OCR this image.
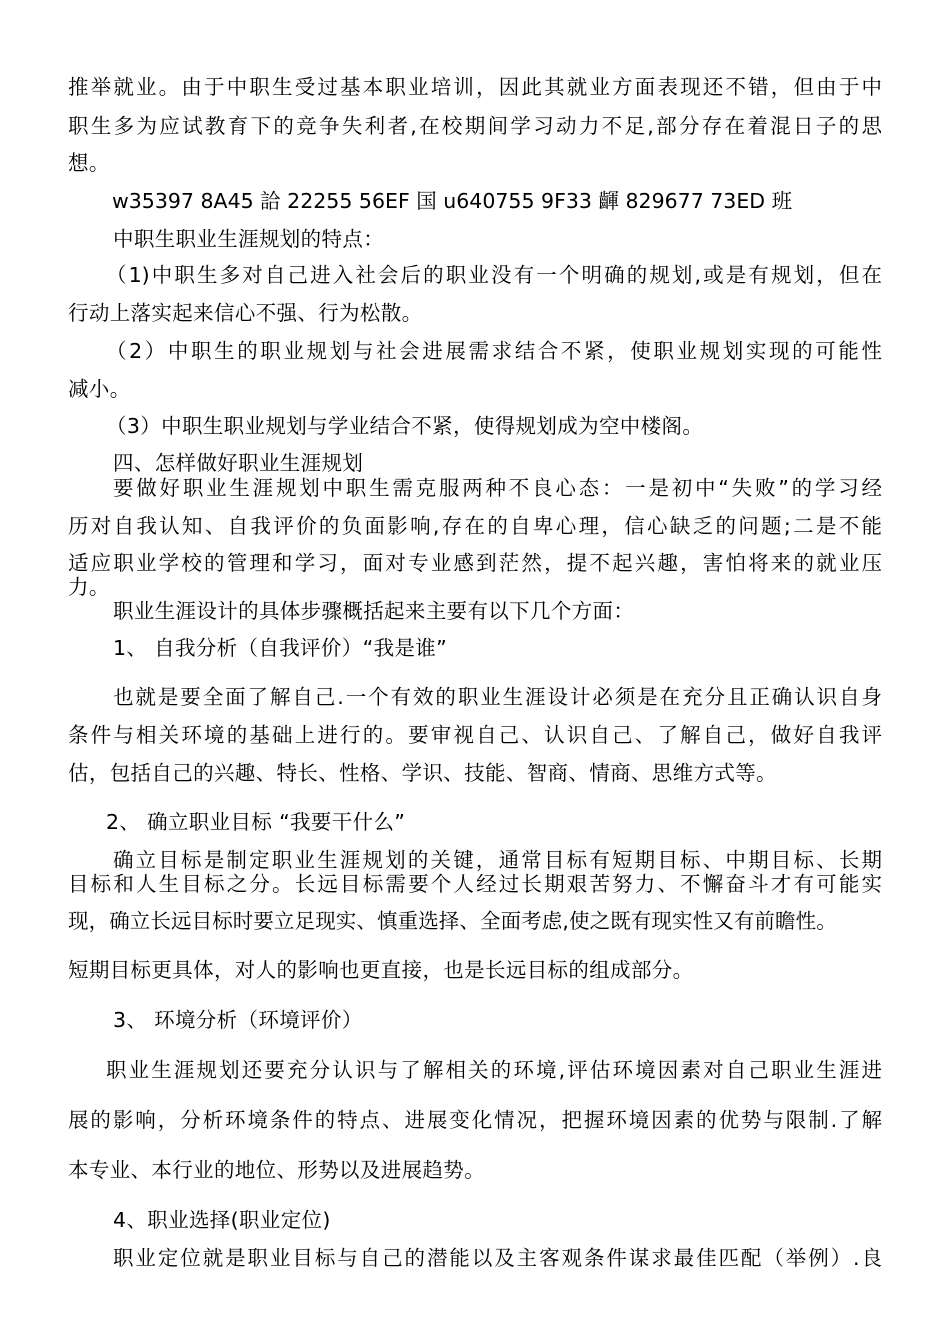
推举就业。由于中职生受过基本职业培训，因此其就业方面表现还不错，但由于中
职生多为应试教育下的竞争失利者,在校期间学习动力不足,部分存在着混日子的思
想。
w35397 8A45 詥 22255 56EF 国 u640755 9F33 齳 829677 73ED 班
中职生职业生涯规划的特点：
（1)中职生多对自己进入社会后的职业没有一个明确的规划,或是有规划，但在
行动上落实起来信心不强、行为松散。
（2）中职生的职业规划与社会进展需求结合不紧，使职业规划实现的可能性
减小。
（3）中职生职业规划与学业结合不紧，使得规划成为空中楼阁。
四、怎样做好职业生涯规划
要做好职业生涯规划中职生需克服两种不良心态：一是初中“失败”的学习经
历对自我认知、自我评价的负面影响,存在的自卑心理，信心缺乏的问题;二是不能
适应职业学校的管理和学习，面对专业感到茫然，提不起兴趣，害怕将来的就业压
力。
职业生涯设计的具体步骤概括起来主要有以下几个方面：
1、 自我分析（自我评价）“我是谁”
也就是要全面了解自己.一个有效的职业生涯设计必须是在充分且正确认识自身
条件与相关环境的基础上进行的。要审视自己、认识自己、了解自己，做好自我评
估，包括自己的兴趣、特长、性格、学识、技能、智商、情商、思维方式等。
2、 确立职业目标 “我要干什么”
确立目标是制定职业生涯规划的关键，通常目标有短期目标、中期目标、长期
目标和人生目标之分。长远目标需要个人经过长期艰苦努力、不懈奋斗才有可能实
现，确立长远目标时要立足现实、慎重选择、全面考虑,使之既有现实性又有前瞻性。
短期目标更具体，对人的影响也更直接，也是长远目标的组成部分。
3、 环境分析（环境评价）
职业生涯规划还要充分认识与了解相关的环境,评估环境因素对自己职业生涯进
展的影响，分析环境条件的特点、进展变化情况，把握环境因素的优势与限制.了解
本专业、本行业的地位、形势以及进展趋势。
4、职业选择(职业定位)
职业定位就是职业目标与自己的潜能以及主客观条件谋求最佳匹配（举例）.良
